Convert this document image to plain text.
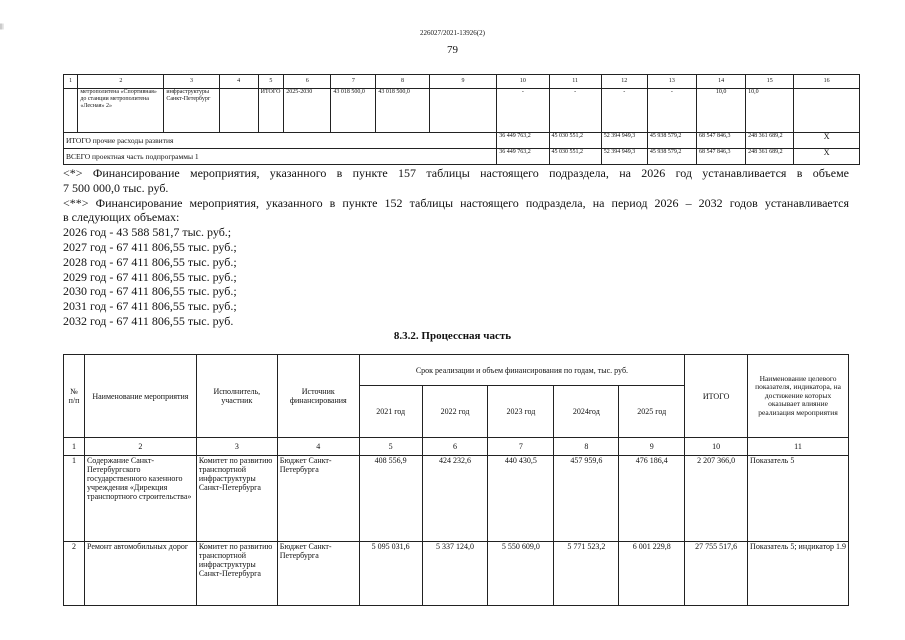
|||
226027/2021-13926(2)
79
1	2	3	4	5	6	7	8	9	10	11	12	13	14	15	16
	метрополитена «Спортивная» до станции метрополитена «Лесная» 2»	инфраструктуры Санкт-Петербург		ИТОГО	2025-2030	43 018 500,0	43 018 500,0		-	-	-	-	10,0	10,0	
ИТОГО прочие расходы развития									36 449 763,2	45 030 551,2	52 394 949,3	45 938 579,2	68 547 846,3	248 361 689,2	X
ВСЕГО проектная часть подпрограммы 1									36 449 763,2	45 030 551,2	52 394 949,3	45 938 579,2	68 547 846,3	248 361 689,2	X

<*> Финансирование мероприятия, указанного в пункте 157 таблицы настоящего подраздела, на 2026 год устанавливается в объеме

7 500 000,0 тыс. руб.

<**> Финансирование мероприятия, указанного в пункте 152 таблицы настоящего подраздела, на период 2026 – 2032 годов устанавливается

в следующих объемах:

2026 год - 43 588 581,7 тыс. руб.;

2027 год - 67 411 806,55 тыс. руб.;

2028 год - 67 411 806,55 тыс. руб.;

2029 год - 67 411 806,55 тыс. руб.;

2030 год - 67 411 806,55 тыс. руб.;

2031 год - 67 411 806,55 тыс. руб.;

2032 год - 67 411 806,55 тыс. руб.

8.3.2. Процессная часть
№ п/п	Наименование мероприятия	Исполнитель, участник	Источник финансирования	Срок реализации и объем финансирования по годам, тыс. руб.					ИТОГО	Наименование целевого показателя, индикатора, на достижение которых оказывает влияние реализация мероприятия
				2021 год	2022 год	2023 год	2024год	2025 год		
1	2	3	4	5	6	7	8	9	10	11
1	Содержание Санкт-Петербургского государственного казенного учреждения «Дирекция транспортного строительства»	Комитет по развитию транспортной инфраструктуры Санкт-Петербурга	Бюджет Санкт-Петербурга	408 556,9	424 232,6	440 430,5	457 959,6	476 186,4	2 207 366,0	Показатель 5
2	Ремонт автомобильных дорог	Комитет по развитию транспортной инфраструктуры Санкт-Петербурга	Бюджет Санкт-Петербурга	5 095 031,6	5 337 124,0	5 550 609,0	5 771 523,2	6 001 229,8	27 755 517,6	Показатель 5; индикатор 1.9
